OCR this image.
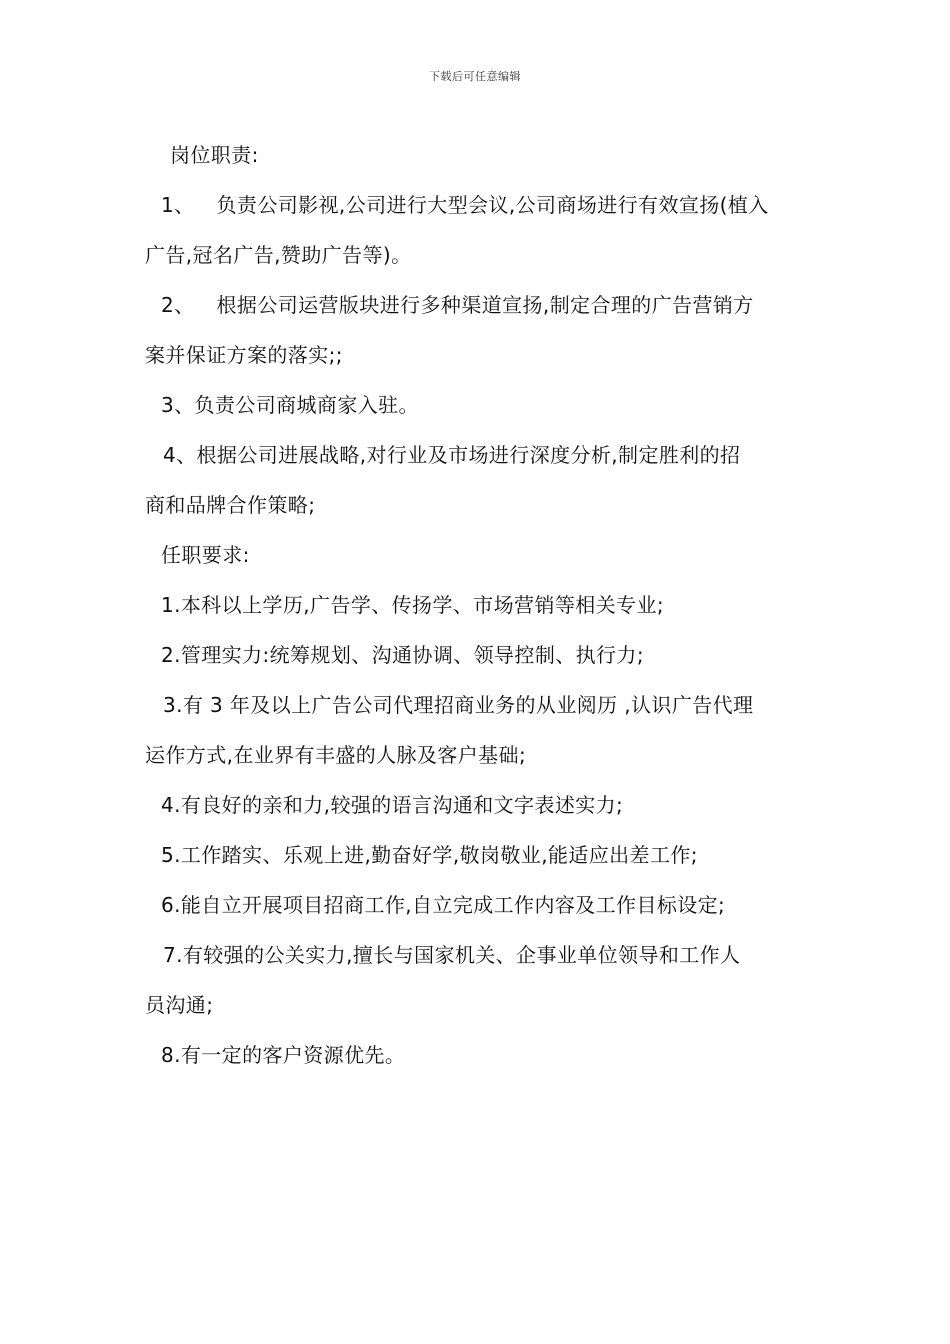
下载后可任意编辑
岗位职责:
1、 负责公司影视,公司进行大型会议,公司商场进行有效宣扬(植入
广告,冠名广告,赞助广告等)。
2、 根据公司运营版块进行多种渠道宣扬,制定合理的广告营销方
案并保证方案的落实;;
3、负责公司商城商家入驻。
4、根据公司进展战略,对行业及市场进行深度分析,制定胜利的招
商和品牌合作策略;
任职要求:
1.本科以上学历,广告学、传扬学、市场营销等相关专业;
2.管理实力:统筹规划、沟通协调、领导控制、执行力;
3.有 3 年及以上广告公司代理招商业务的从业阅历 ,认识广告代理
运作方式,在业界有丰盛的人脉及客户基础;
4.有良好的亲和力,较强的语言沟通和文字表述实力;
5.工作踏实、乐观上进,勤奋好学,敬岗敬业,能适应出差工作;
6.能自立开展项目招商工作,自立完成工作内容及工作目标设定;
7.有较强的公关实力,擅长与国家机关、企事业单位领导和工作人
员沟通;
8.有一定的客户资源优先。
